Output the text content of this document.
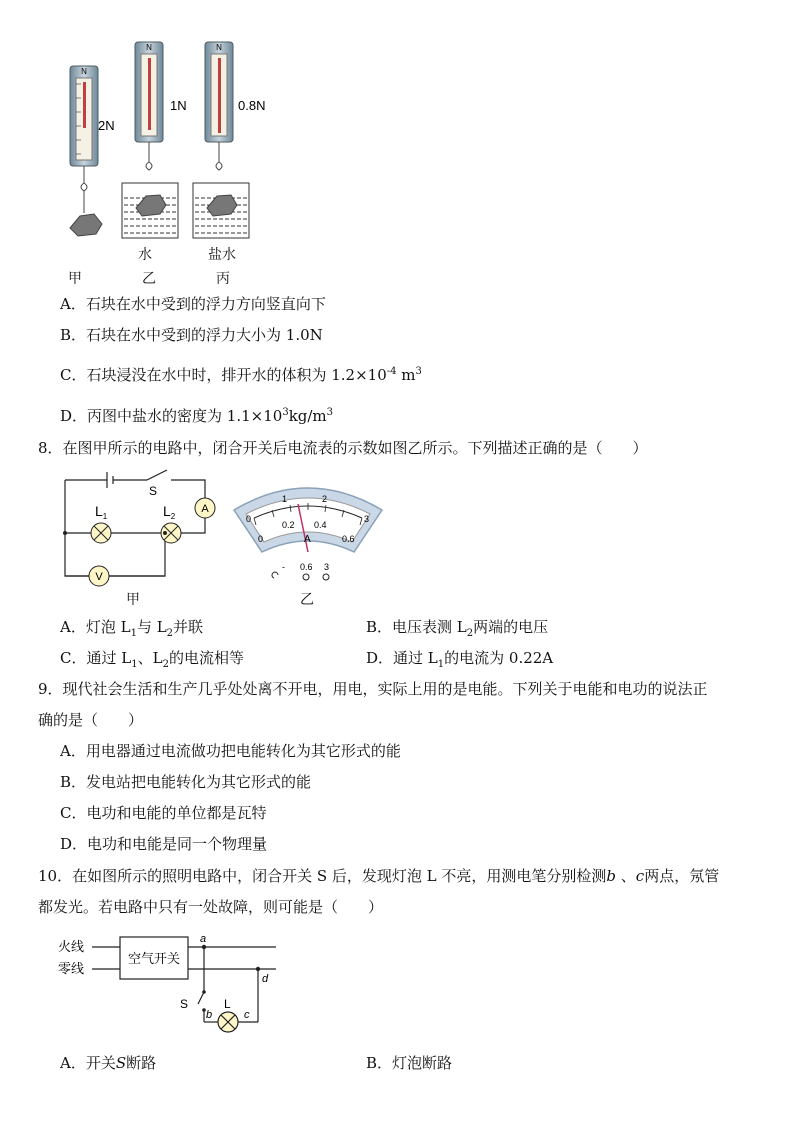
N
N	N
2N
1N	0.8N
水	盐水
甲	乙	丙
A．石块在水中受到的浮力方向竖直向下
B．石块在水中受到的浮力大小为 1.0N
C．石块浸没在水中时，排开水的体积为 $1.2\times 10^{-4}$ $m^3$
D．丙图中盐水的密度为 $1.1\times 10^3kg/m^3$
8．在图甲所示的电路中，闭合开关后电流表的示数如图乙所示。下列描述正确的是（　　）
S
A
V
$L_1$	$L_2$
甲
0
1	2
3
0
0.2 0.4
0.6
A
- 0.6 3
乙
A．灯泡 $L_1$与 $L_2$并联	B．电压表测 $L_2$两端的电压
C．通过 $L_1$、$L_2$的电流相等	D．通过 $L_1$的电流为 0.22A
9．现代社会生活和生产几乎处处离不开电，用电，实际上用的是电能。下列关于电能和电功的说法正
确的是（　　）
A．用电器通过电流做功把电能转化为其它形式的能
B．发电站把电能转化为其它形式的能
C．电功和电能的单位都是瓦特
D．电功和电能是同一个物理量
10．在如图所示的照明电路中，闭合开关 S 后，发现灯泡 L 不亮，用测电笔分别检测b 、c两点，氖管
都发光。若电路中只有一处故障，则可能是（　　）
火线
零线
空气开关
S	L
a
b	c
d
A．开关S断路	B．灯泡断路
